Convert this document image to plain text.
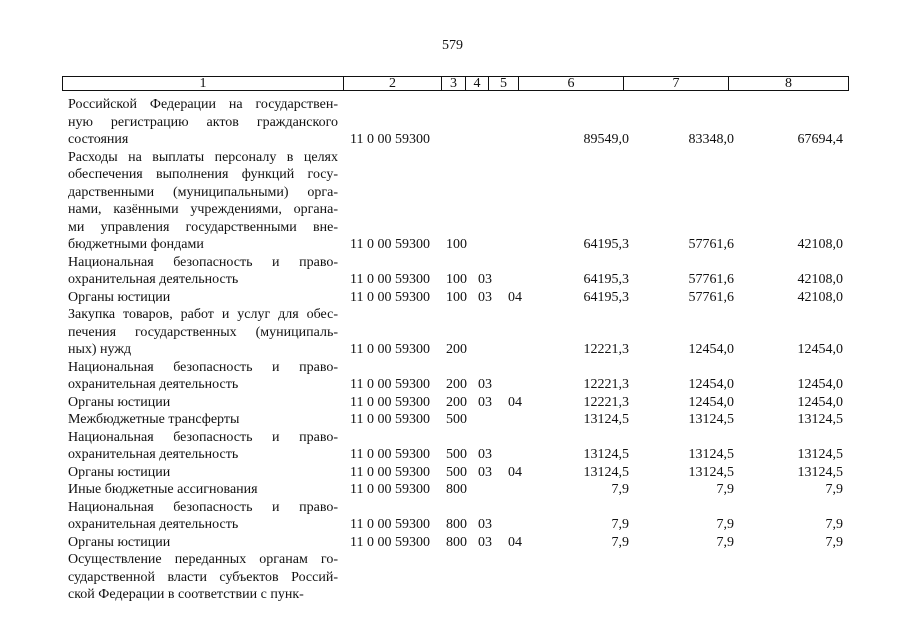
579
1	2	3	4	5	6	7	8
Российской Федерации на государствен-
ную регистрацию актов гражданского
состояния	11 0 00 59300	89549,0	83348,0	67694,4
Расходы на выплаты персоналу в целях
обеспечения выполнения функций госу-
дарственными (муниципальными) орга-
нами, казёнными учреждениями, органа-
ми управления государственными вне-
бюджетными фондами	11 0 00 59300 100	64195,3	57761,6	42108,0
Национальная безопасность и право-
охранительная деятельность	11 0 00 59300 100 03	64195,3	57761,6	42108,0
Органы юстиции	11 0 00 59300 100 03 04	64195,3	57761,6	42108,0
Закупка товаров, работ и услуг для обес-
печения государственных (муниципаль-
ных) нужд	11 0 00 59300 200	12221,3	12454,0	12454,0
Национальная безопасность и право-
охранительная деятельность	11 0 00 59300 200 03	12221,3	12454,0	12454,0
Органы юстиции	11 0 00 59300 200 03 04	12221,3	12454,0	12454,0
Межбюджетные трансферты	11 0 00 59300 500	13124,5	13124,5	13124,5
Национальная безопасность и право-
охранительная деятельность	11 0 00 59300 500 03	13124,5	13124,5	13124,5
Органы юстиции	11 0 00 59300 500 03 04	13124,5	13124,5	13124,5
Иные бюджетные ассигнования	11 0 00 59300 800	7,9	7,9	7,9
Национальная безопасность и право-
охранительная деятельность	11 0 00 59300 800 03	7,9	7,9	7,9
Органы юстиции	11 0 00 59300 800 03 04	7,9	7,9	7,9
Осуществление переданных органам го-
сударственной власти субъектов Россий-
ской Федерации в соответствии с пунк-
